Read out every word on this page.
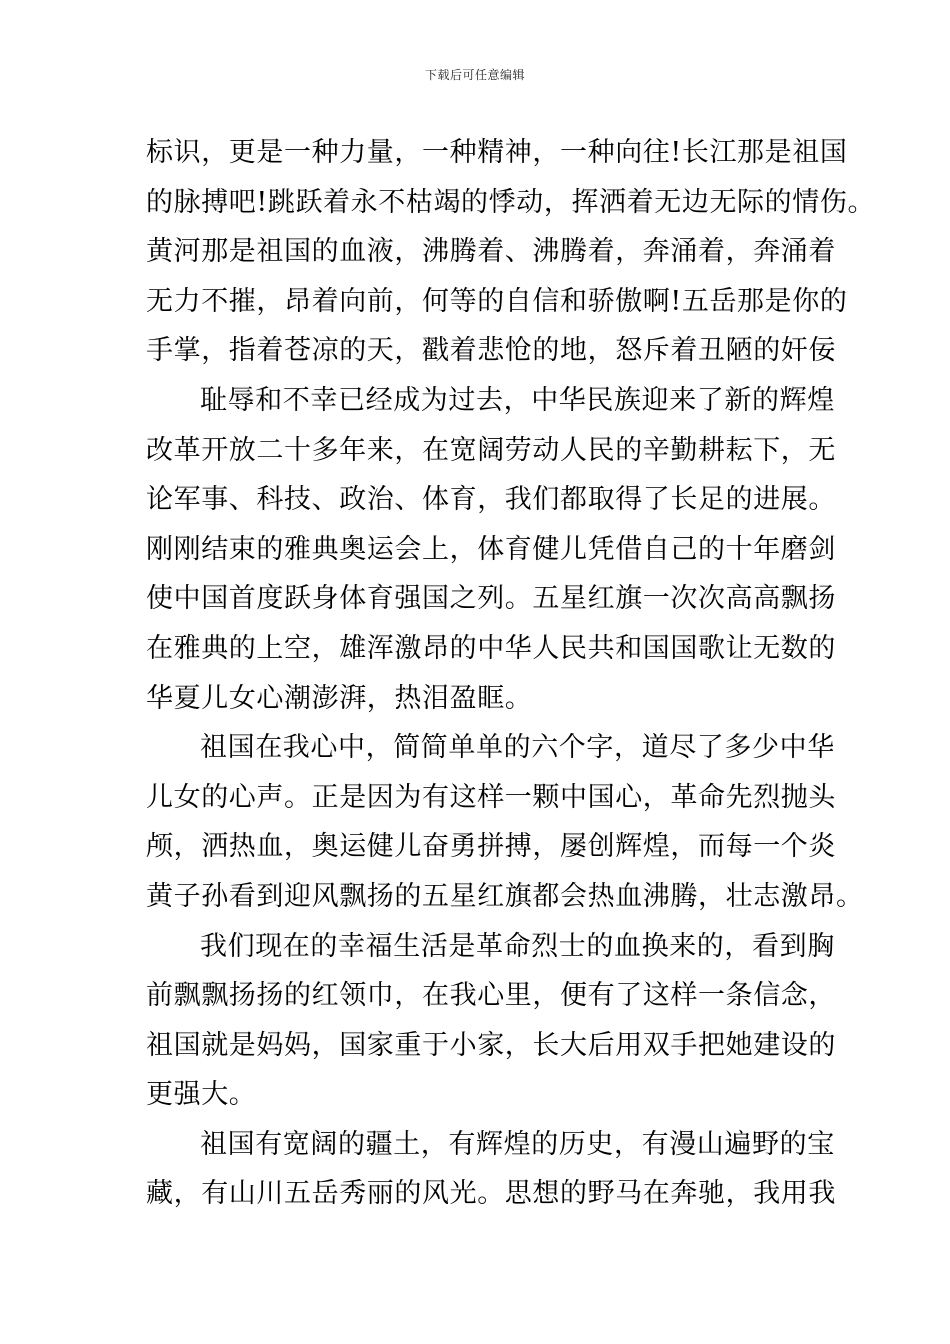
下载后可任意编辑
标识，更是一种力量，一种精神，一种向往!长江那是祖国
的脉搏吧!跳跃着永不枯竭的悸动，挥洒着无边无际的情伤。
黄河那是祖国的血液，沸腾着、沸腾着，奔涌着，奔涌着
无力不摧，昂着向前，何等的自信和骄傲啊!五岳那是你的
手掌，指着苍凉的天，戳着悲怆的地，怒斥着丑陋的奸佞
耻辱和不幸已经成为过去，中华民族迎来了新的辉煌
改革开放二十多年来，在宽阔劳动人民的辛勤耕耘下，无
论军事、科技、政治、体育，我们都取得了长足的进展。
刚刚结束的雅典奥运会上，体育健儿凭借自己的十年磨剑
使中国首度跃身体育强国之列。五星红旗一次次高高飘扬
在雅典的上空，雄浑激昂的中华人民共和国国歌让无数的
华夏儿女心潮澎湃，热泪盈眶。
祖国在我心中，简简单单的六个字，道尽了多少中华
儿女的心声。正是因为有这样一颗中国心，革命先烈抛头
颅，洒热血，奥运健儿奋勇拼搏，屡创辉煌，而每一个炎
黄子孙看到迎风飘扬的五星红旗都会热血沸腾，壮志激昂。
我们现在的幸福生活是革命烈士的血换来的，看到胸
前飘飘扬扬的红领巾，在我心里，便有了这样一条信念，
祖国就是妈妈，国家重于小家，长大后用双手把她建设的
更强大。
祖国有宽阔的疆土，有辉煌的历史，有漫山遍野的宝
藏，有山川五岳秀丽的风光。思想的野马在奔驰，我用我
